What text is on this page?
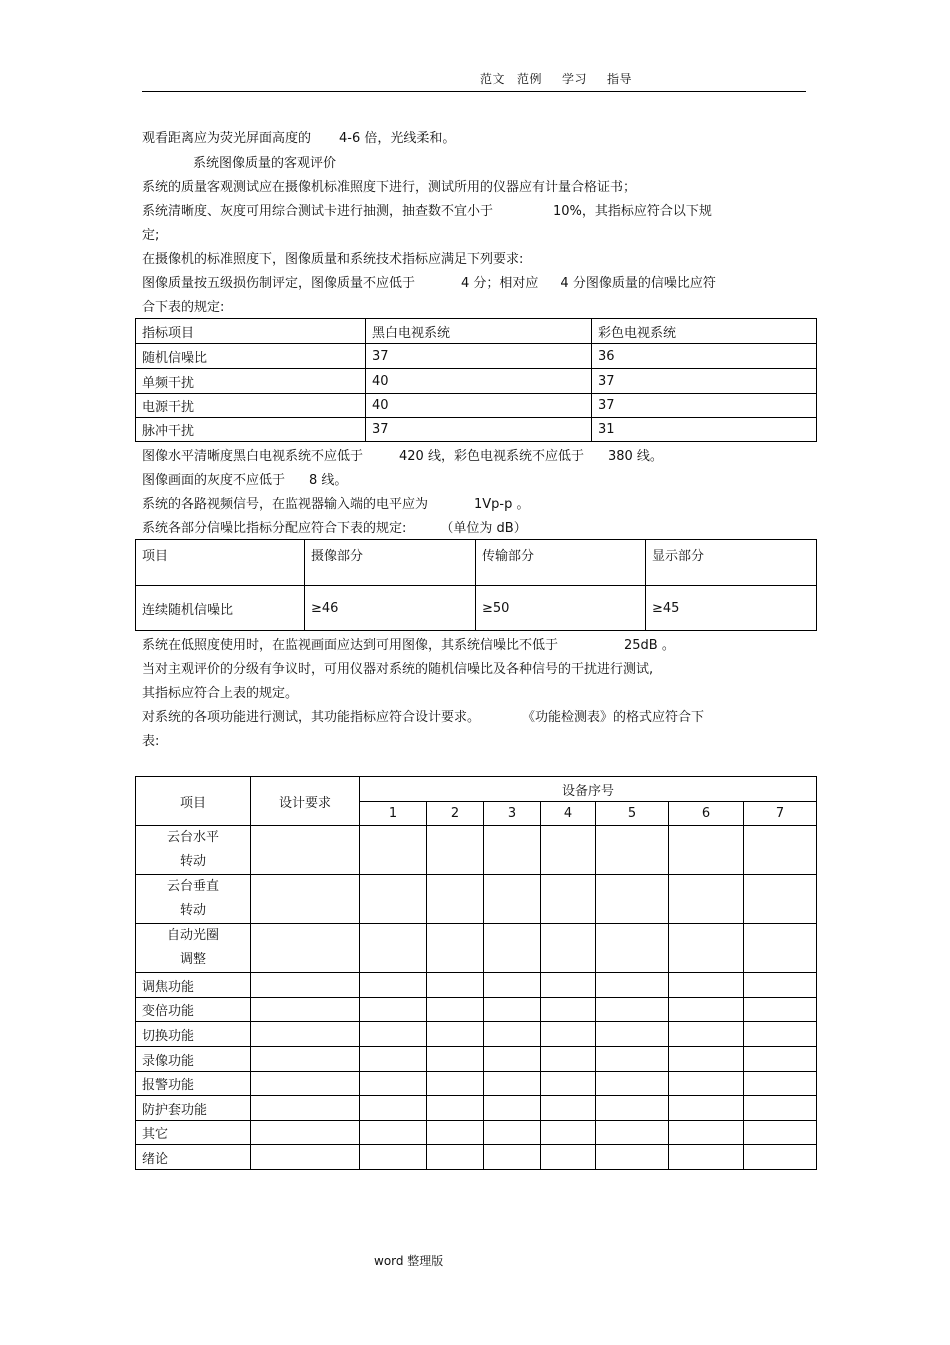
范文 范例 学习 指导
观看距离应为荧光屏面高度的 4-6 倍，光线柔和。
系统图像质量的客观评价
系统的质量客观测试应在摄像机标准照度下进行，测试所用的仪器应有计量合格证书；
系统清晰度、灰度可用综合测试卡进行抽测，抽查数不宜小于	10%，其指标应符合以下规
定;
在摄像机的标准照度下，图像质量和系统技术指标应满足下列要求:
图像质量按五级损伤制评定，图像质量不应低于	4 分；相对应 4 分图像质量的信噪比应符
合下表的规定:
指标项目	黑白电视系统	彩色电视系统
随机信噪比	37	36
单频干扰	40	37
电源干扰	40	37
脉冲干扰	37	31
图像水平清晰度黑白电视系统不应低于	420 线，彩色电视系统不应低于 380 线。
图像画面的灰度不应低于 8 线。
系统的各路视频信号，在监视器输入端的电平应为	1Vp-p 。
系统各部分信噪比指标分配应符合下表的规定:	（单位为 dB）
项目	摄像部分	传输部分	显示部分
连续随机信噪比	≥46	≥50	≥45
系统在低照度使用时，在监视画面应达到可用图像，其系统信噪比不低于	25dB 。
当对主观评价的分级有争议时，可用仪器对系统的随机信噪比及各种信号的干扰进行测试,
其指标应符合上表的规定。
对系统的各项功能进行测试，其功能指标应符合设计要求。	《功能检测表》的格式应符合下
表:
项目	设计要求	设备序号						
		1	2	3	4	5	6	7
云台水平转动								
云台垂直转动								
自动光圈调整								
调焦功能								
变倍功能								
切换功能								
录像功能								
报警功能								
防护套功能								
其它								
绪论								
word 整理版
